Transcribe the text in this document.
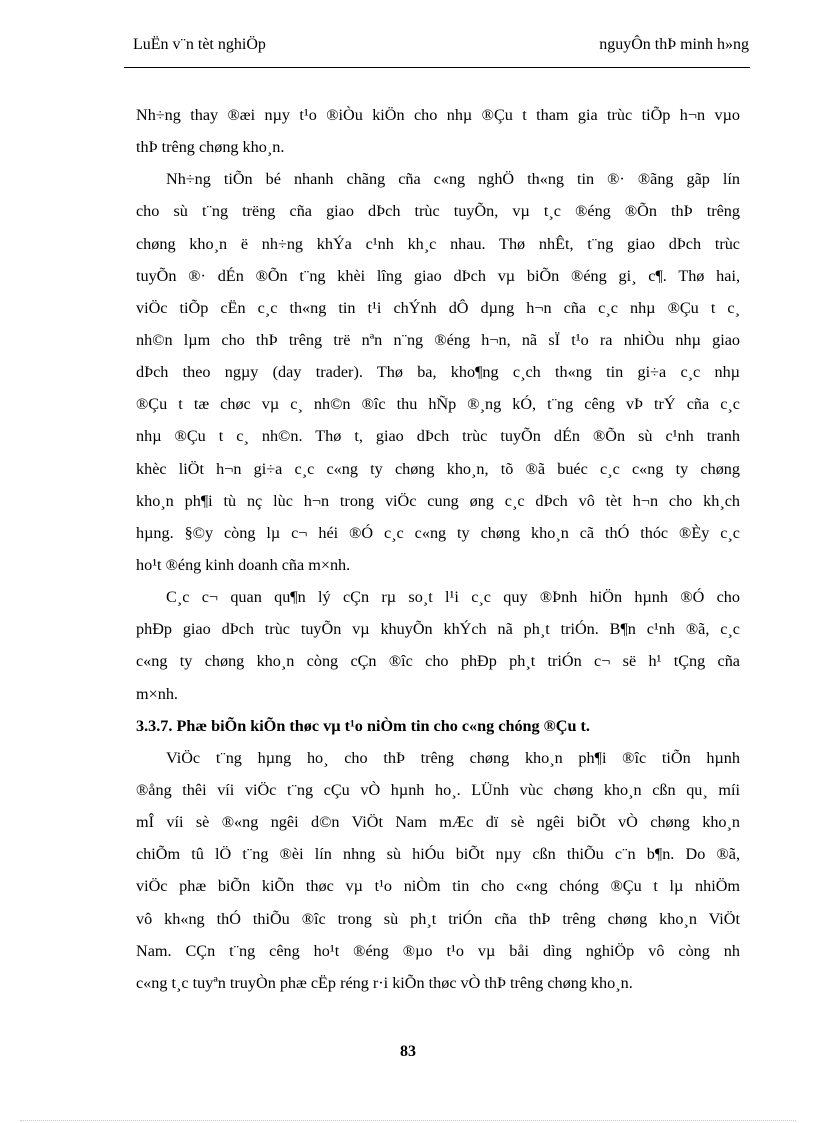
LuËn v¨n tèt nghiÖp	nguyÔn thÞ minh h»ng
Nh÷ng thay ®æi nµy t¹o ®iÒu kiÖn cho nhµ ®Çu t tham gia trùc tiÕp h¬n vµo
thÞ trêng chøng kho¸n.
Nh÷ng tiÕn bé nhanh chãng cña c«ng nghÖ th«ng tin ®· ®ãng gãp lín
cho sù t¨ng trëng cña giao dÞch trùc tuyÕn, vµ t¸c ®éng ®Õn thÞ trêng
chøng kho¸n ë nh÷ng khÝa c¹nh kh¸c nhau. Thø nhÊt, t¨ng giao dÞch trùc
tuyÕn ®· dÉn ®Õn t¨ng khèi lîng giao dÞch vµ biÕn ®éng gi¸ c¶. Thø hai,
viÖc tiÕp cËn c¸c th«ng tin t¹i chÝnh dÔ dµng h¬n cña c¸c nhµ ®Çu t c¸
nh©n lµm cho thÞ trêng trë nªn n¨ng ®éng h¬n, nã sÏ t¹o ra nhiÒu nhµ giao
dÞch theo ngµy (day trader). Thø ba, kho¶ng c¸ch th«ng tin gi÷a c¸c nhµ
®Çu t tæ chøc vµ c¸ nh©n ®îc thu hÑp ®¸ng kÓ, t¨ng cêng vÞ trÝ cña c¸c
nhµ ®Çu t c¸ nh©n. Thø t, giao dÞch trùc tuyÕn dÉn ®Õn sù c¹nh tranh
khèc liÖt h¬n gi÷a c¸c c«ng ty chøng kho¸n, tõ ®ã buéc c¸c c«ng ty chøng
kho¸n ph¶i tù nç lùc h¬n trong viÖc cung øng c¸c dÞch vô tèt h¬n cho kh¸ch
hµng. §©y còng lµ c¬ héi ®Ó c¸c c«ng ty chøng kho¸n cã thÓ thóc ®Èy c¸c
ho¹t ®éng kinh doanh cña m×nh.
C¸c c¬ quan qu¶n lý cÇn rµ so¸t l¹i c¸c quy ®Þnh hiÖn hµnh ®Ó cho
phÐp giao dÞch trùc tuyÕn vµ khuyÕn khÝch nã ph¸t triÓn. B¶n c¹nh ®ã, c¸c
c«ng ty chøng kho¸n còng cÇn ®îc cho phÐp ph¸t triÓn c¬ së h¹ tÇng cña
m×nh.
3.3.7. Phæ biÕn kiÕn thøc vµ t¹o niÒm tin cho c«ng chóng ®Çu t.
ViÖc t¨ng hµng ho¸ cho thÞ trêng chøng kho¸n ph¶i ®îc tiÕn hµnh
®ång thêi víi viÖc t¨ng cÇu vÒ hµnh ho¸. LÜnh vùc chøng kho¸n cßn qu¸ míi
mÎ víi sè ®«ng ngêi d©n ViÖt Nam mÆc dï sè ngêi biÕt vÒ chøng kho¸n
chiÕm tû lÖ t¨ng ®èi lín nhng sù hiÓu biÕt nµy cßn thiÕu c¨n b¶n. Do ®ã,
viÖc phæ biÕn kiÕn thøc vµ t¹o niÒm tin cho c«ng chóng ®Çu t lµ nhiÖm
vô kh«ng thÓ thiÕu ®îc trong sù ph¸t triÓn cña thÞ trêng chøng kho¸n ViÖt
Nam. CÇn t¨ng cêng ho¹t ®éng ®µo t¹o vµ båi dìng nghiÖp vô còng nh
c«ng t¸c tuyªn truyÒn phæ cËp réng r·i kiÕn thøc vÒ thÞ trêng chøng kho¸n.
83
